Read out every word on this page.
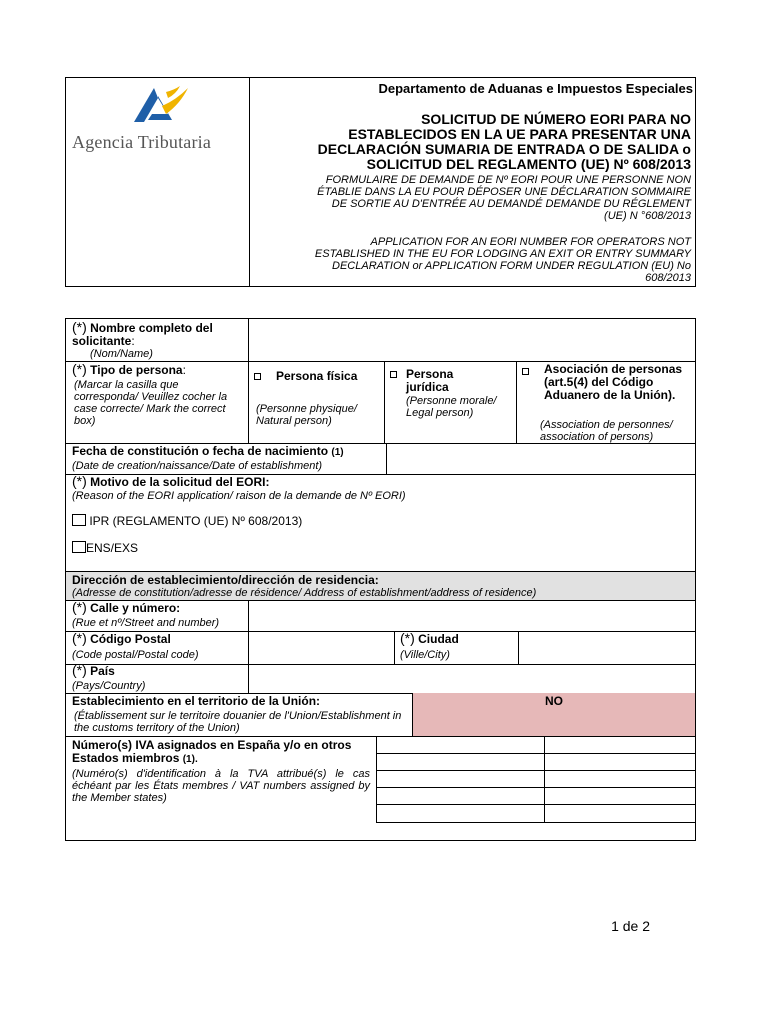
Agencia Tributaria
Departamento de Aduanas e Impuestos Especiales
SOLICITUD DE NÚMERO EORI PARA NO ESTABLECIDOS EN LA UE PARA PRESENTAR UNA DECLARACIÓN SUMARIA DE ENTRADA O DE SALIDA o SOLICITUD DEL REGLAMENTO (UE) Nº 608/2013
FORMULAIRE DE DEMANDE DE Nº EORI POUR UNE PERSONNE NON ÉTABLIE DANS LA EU POUR DÉPOSER UNE DÉCLARATION SOMMAIRE DE SORTIE AU D'ENTRÉE AU DEMANDÉ DEMANDE DU RÉGLEMENT (UE) N °608/2013
APPLICATION FOR AN EORI NUMBER FOR OPERATORS NOT ESTABLISHED IN THE EU FOR LODGING AN EXIT OR ENTRY SUMMARY DECLARATION or APPLICATION FORM UNDER REGULATION (EU) No 608/2013
(*) Nombre completo del solicitante:
(Nom/Name)
(*) Tipo de persona:
(Marcar la casilla que corresponda/ Veuillez cocher la case correcte/ Mark the correct box)
Persona física
(Personne physique/ Natural person)
Persona jurídica
(Personne morale/ Legal person)
Asociación de personas (art.5(4) del Código Aduanero de la Unión).
(Association de personnes/ association of persons)
Fecha de constitución o fecha de nacimiento (1)
(Date de creation/naissance/Date of establishment)
(*) Motivo de la solicitud del EORI:
(Reason of the EORI application/ raison de la demande de Nº EORI)
IPR (REGLAMENTO (UE) Nº 608/2013)
ENS/EXS
Dirección de establecimiento/dirección de residencia:
(Adresse de constitution/adresse de résidence/ Address of establishment/address of residence)
(*) Calle y número:
(Rue et nº/Street and number)
(*) Código Postal
(Code postal/Postal code)
(*) Ciudad
(Ville/City)
(*) País
(Pays/Country)
Establecimiento en el territorio de la Unión:
(Établissement sur le territoire douanier de l'Union/Establishment in the customs territory of the Union)
NO
Número(s) IVA asignados en España y/o en otros Estados miembros (1).
(Numéro(s) d'identification à la TVA attribué(s) le cas échéant par les États membres / VAT numbers assigned by the Member states)
1 de 2
